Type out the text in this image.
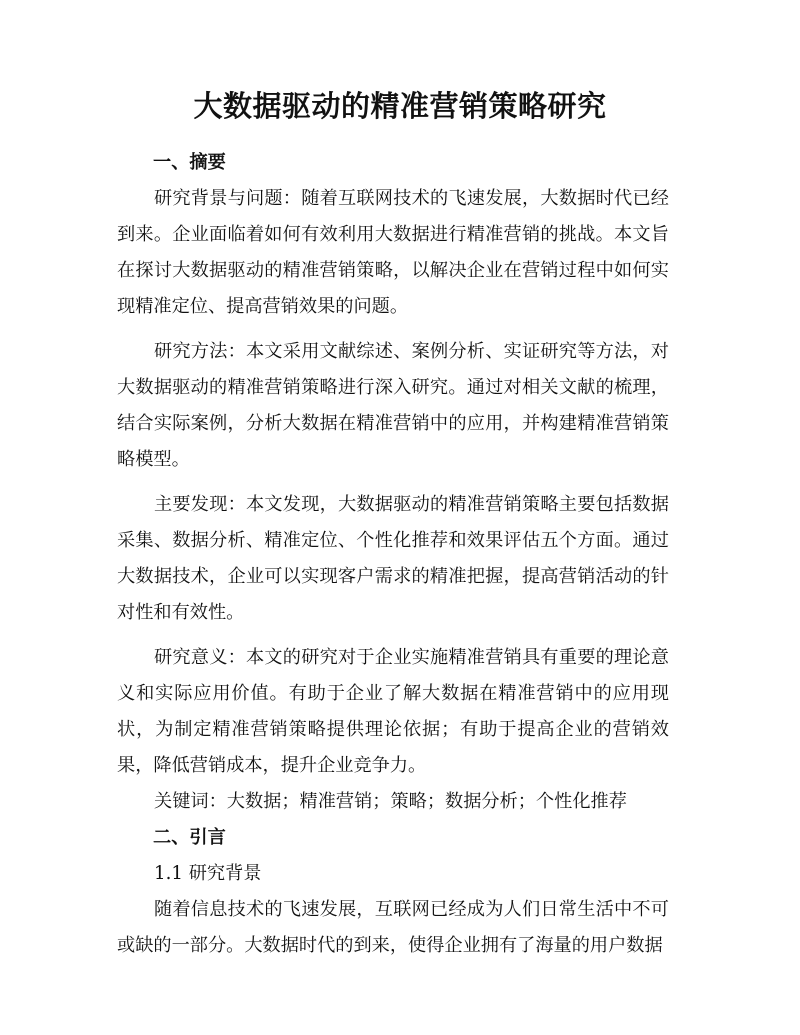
大数据驱动的精准营销策略研究

一、摘要

研究背景与问题：随着互联网技术的飞速发展，大数据时代已经到来。企业面临着如何有效利用大数据进行精准营销的挑战。本文旨在探讨大数据驱动的精准营销策略，以解决企业在营销过程中如何实现精准定位、提高营销效果的问题。

研究方法：本文采用文献综述、案例分析、实证研究等方法，对大数据驱动的精准营销策略进行深入研究。通过对相关文献的梳理，结合实际案例，分析大数据在精准营销中的应用，并构建精准营销策略模型。

主要发现：本文发现，大数据驱动的精准营销策略主要包括数据采集、数据分析、精准定位、个性化推荐和效果评估五个方面。通过大数据技术，企业可以实现客户需求的精准把握，提高营销活动的针对性和有效性。

研究意义：本文的研究对于企业实施精准营销具有重要的理论意义和实际应用价值。有助于企业了解大数据在精准营销中的应用现状，为制定精准营销策略提供理论依据；有助于提高企业的营销效果，降低营销成本，提升企业竞争力。

关键词：大数据；精准营销；策略；数据分析；个性化推荐

二、引言

1.1 研究背景

随着信息技术的飞速发展，互联网已经成为人们日常生活中不可或缺的一部分。大数据时代的到来，使得企业拥有了海量的用户数据
